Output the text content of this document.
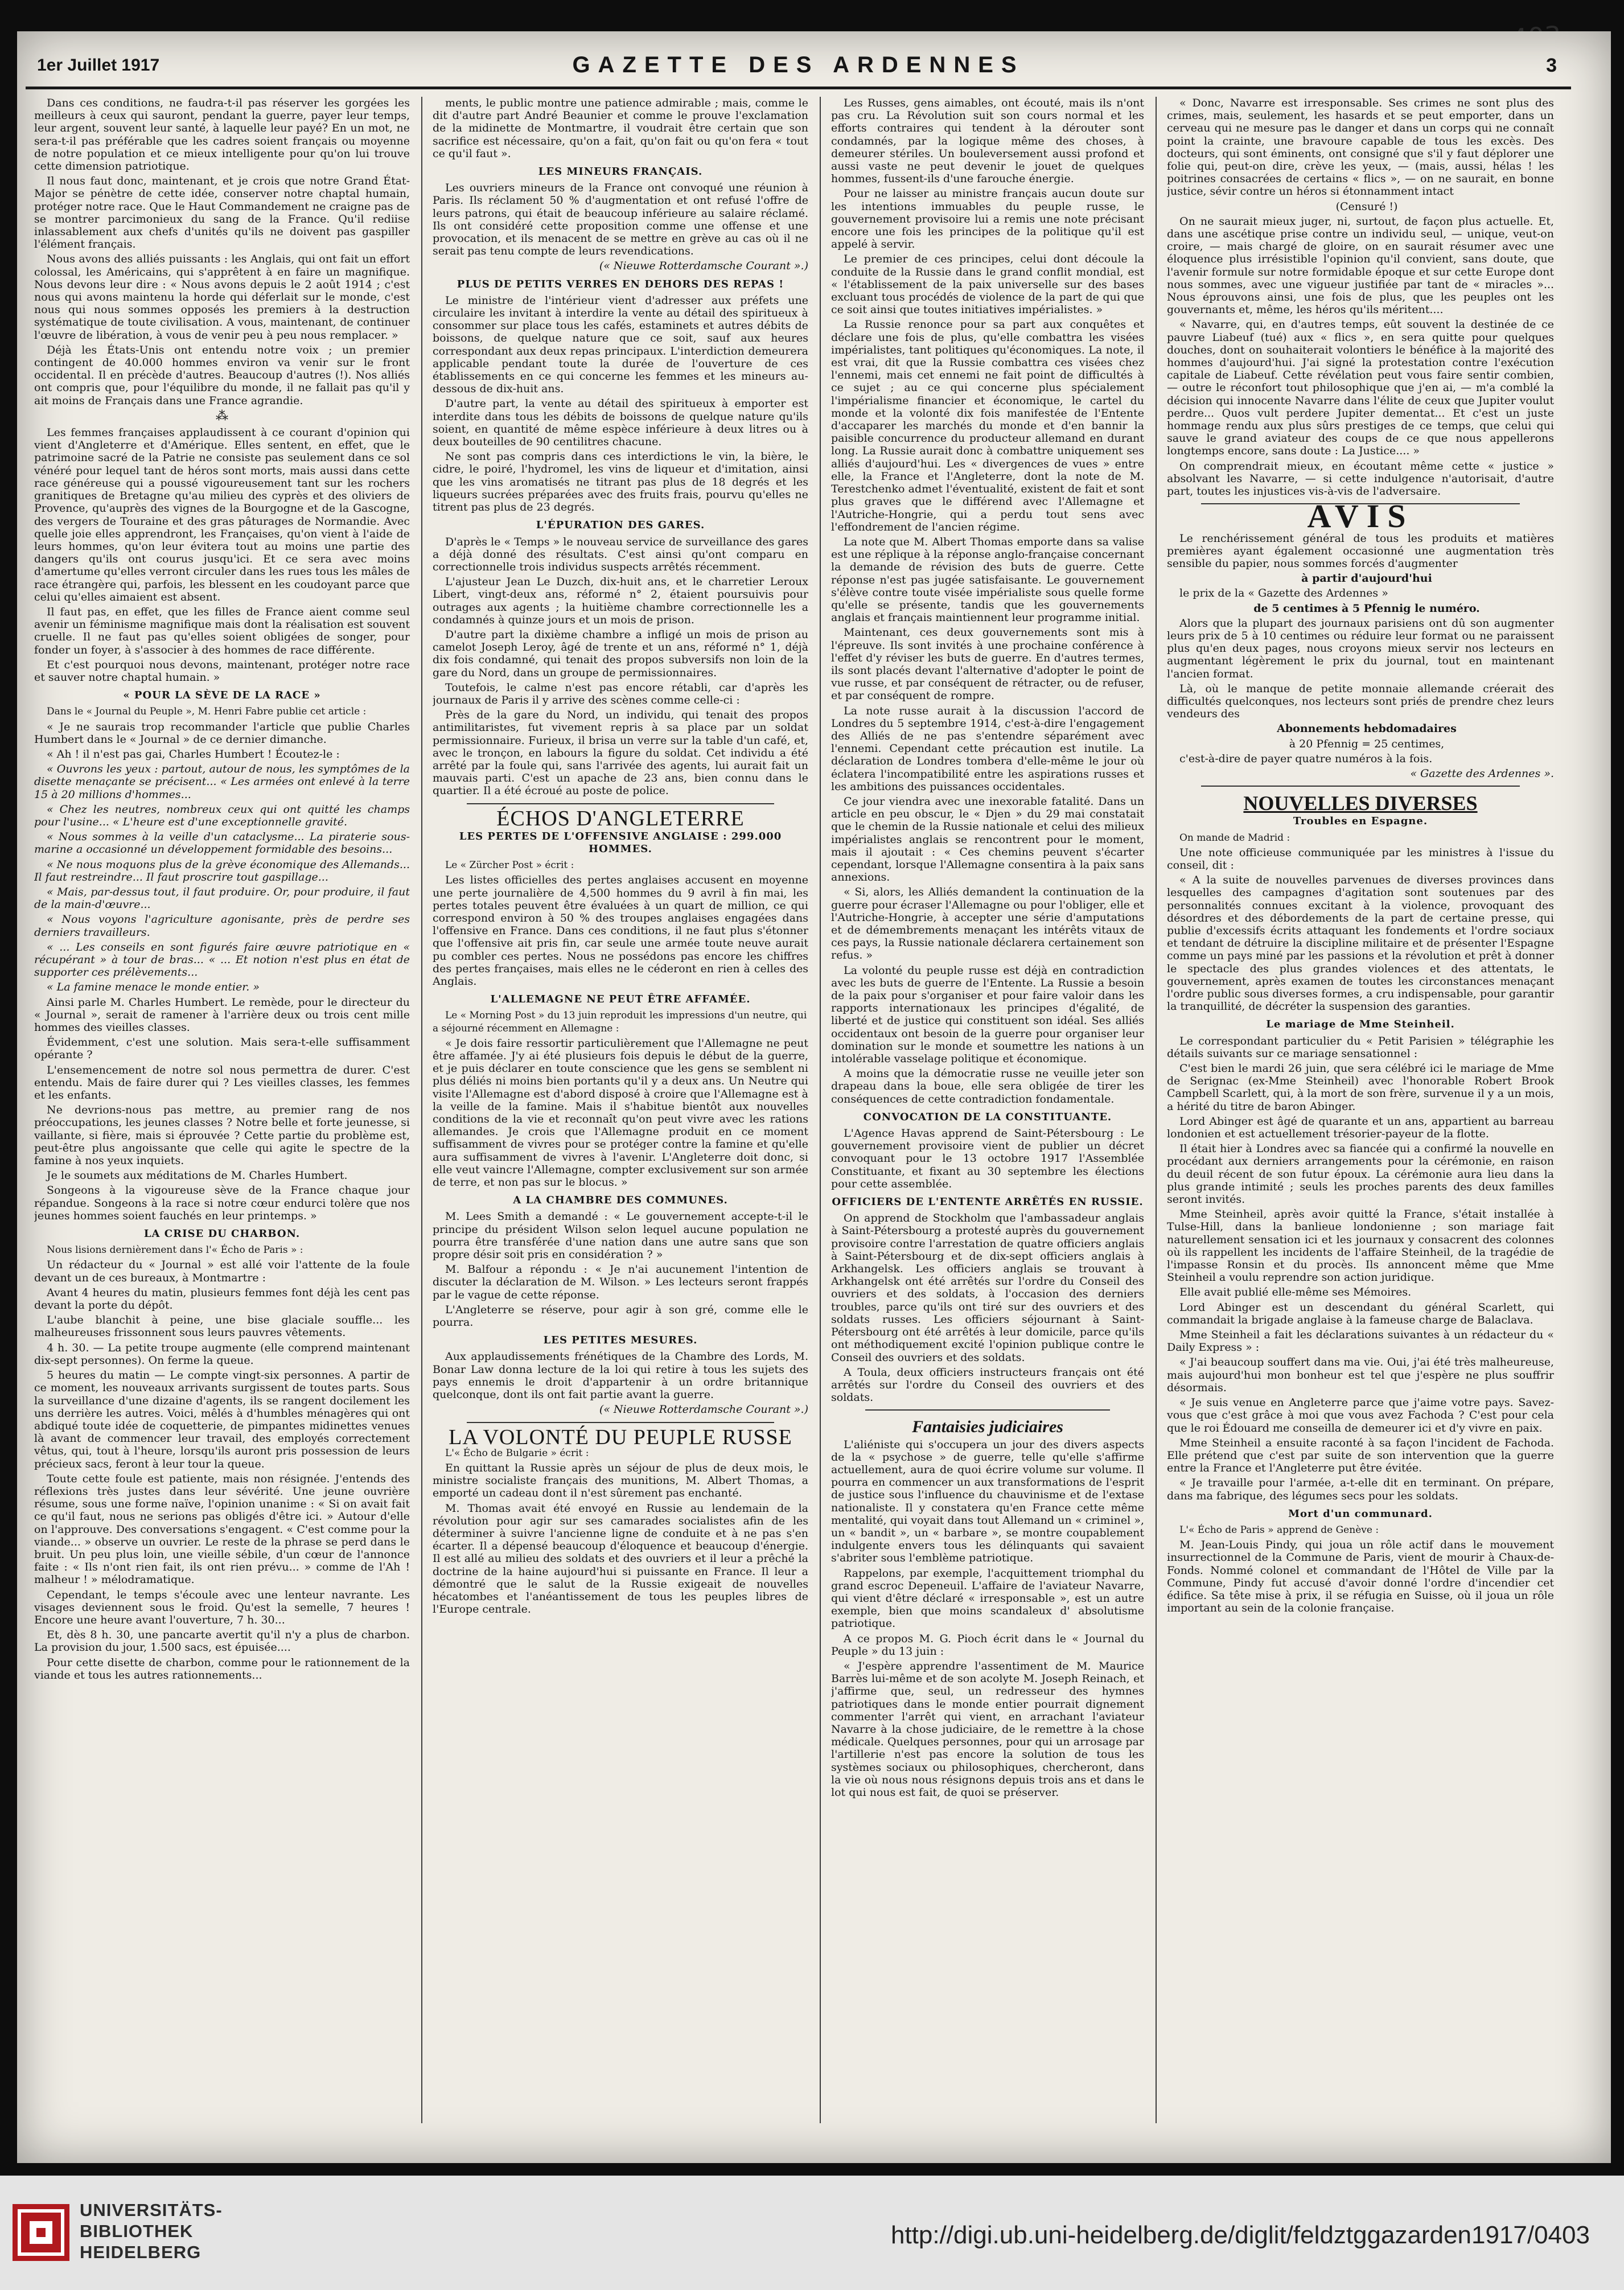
1er Juillet 1917	GAZETTE DES ARDENNES	3

Dans ces conditions, ne faudra-t-il pas réserver les gorgées les meilleurs à ceux qui sauront, pendant la guerre, payer leur temps, leur argent, souvent leur santé, à laquelle leur payé? En un mot, ne sera-t-il pas préférable que les cadres soient français ou moyenne de notre population et ce mieux intelligente pour qu'on lui trouve cette dimension patriotique.

Il nous faut donc, maintenant, et je crois que notre Grand État-Major se pénètre de cette idée, conserver notre chaptal humain, protéger notre race. Que le Haut Commandement ne craigne pas de se montrer parcimonieux du sang de la France. Qu'il rediise inlassablement aux chefs d'unités qu'ils ne doivent pas gaspiller l'élément français.

Nous avons des alliés puissants : les Anglais, qui ont fait un effort colossal, les Américains, qui s'apprêtent à en faire un magnifique. Nous devons leur dire : « Nous avons depuis le 2 août 1914 ; c'est nous qui avons maintenu la horde qui déferlait sur le monde, c'est nous qui nous sommes opposés les premiers à la destruction systématique de toute civilisation. A vous, maintenant, de continuer l'œuvre de libération, à vous de venir peu à peu nous remplacer. »

Déjà les États-Unis ont entendu notre voix ; un premier contingent de 40.000 hommes environ va venir sur le front occidental. Il en précède d'autres. Beaucoup d'autres (!). Nos alliés ont compris que, pour l'équilibre du monde, il ne fallait pas qu'il y ait moins de Français dans une France agrandie.

⁂

Les femmes françaises applaudissent à ce courant d'opinion qui vient d'Angleterre et d'Amérique. Elles sentent, en effet, que le patrimoine sacré de la Patrie ne consiste pas seulement dans ce sol vénéré pour lequel tant de héros sont morts, mais aussi dans cette race généreuse qui a poussé vigoureusement tant sur les rochers granitiques de Bretagne qu'au milieu des cyprès et des oliviers de Provence, qu'auprès des vignes de la Bourgogne et de la Gascogne, des vergers de Touraine et des gras pâturages de Normandie. Avec quelle joie elles apprendront, les Françaises, qu'on vient à l'aide de leurs hommes, qu'on leur évitera tout au moins une partie des dangers qu'ils ont courus jusqu'ici. Et ce sera avec moins d'amertume qu'elles verront circuler dans les rues tous les mâles de race étrangère qui, parfois, les blessent en les coudoyant parce que celui qu'elles aimaient est absent.

Il faut pas, en effet, que les filles de France aient comme seul avenir un féminisme magnifique mais dont la réalisation est souvent cruelle. Il ne faut pas qu'elles soient obligées de songer, pour fonder un foyer, à s'associer à des hommes de race différente.

Et c'est pourquoi nous devons, maintenant, protéger notre race et sauver notre chaptal humain. »

« POUR LA SÈVE DE LA RACE »

Dans le « Journal du Peuple », M. Henri Fabre publie cet article :

« Je ne saurais trop recommander l'article que publie Charles Humbert dans le « Journal » de ce dernier dimanche.

« Ah ! il n'est pas gai, Charles Humbert ! Écoutez-le :

« Ouvrons les yeux : partout, autour de nous, les symptômes de la disette menaçante se précisent... « Les armées ont enlevé à la terre 15 à 20 millions d'hommes...

« Chez les neutres, nombreux ceux qui ont quitté les champs pour l'usine... « L'heure est d'une exceptionnelle gravité.

« Nous sommes à la veille d'un cataclysme... La piraterie sous-marine a occasionné un développement formidable des besoins...

« Ne nous moquons plus de la grève économique des Allemands... Il faut restreindre... Il faut proscrire tout gaspillage...

« Mais, par-dessus tout, il faut produire. Or, pour produire, il faut de la main-d'œuvre...

« Nous voyons l'agriculture agonisante, près de perdre ses derniers travailleurs.

« ... Les conseils en sont figurés faire œuvre patriotique en « récupérant » à tour de bras... « ... Et notion n'est plus en état de supporter ces prélèvements...

« La famine menace le monde entier. »

Ainsi parle M. Charles Humbert. Le remède, pour le directeur du « Journal », serait de ramener à l'arrière deux ou trois cent mille hommes des vieilles classes.

Évidemment, c'est une solution. Mais sera-t-elle suffisamment opérante ?

L'ensemencement de notre sol nous permettra de durer. C'est entendu. Mais de faire durer qui ? Les vieilles classes, les femmes et les enfants.

Ne devrions-nous pas mettre, au premier rang de nos préoccupations, les jeunes classes ? Notre belle et forte jeunesse, si vaillante, si fière, mais si éprouvée ? Cette partie du problème est, peut-être plus angoissante que celle qui agite le spectre de la famine à nos yeux inquiets.

Je le soumets aux méditations de M. Charles Humbert.

Songeons à la vigoureuse sève de la France chaque jour répandue. Songeons à la race si notre cœur endurci tolère que nos jeunes hommes soient fauchés en leur printemps. »

LA CRISE DU CHARBON.

Nous lisions dernièrement dans l'« Écho de Paris » :

Un rédacteur du « Journal » est allé voir l'attente de la foule devant un de ces bureaux, à Montmartre :

Avant 4 heures du matin, plusieurs femmes font déjà les cent pas devant la porte du dépôt.

L'aube blanchit à peine, une bise glaciale souffle... les malheureuses frissonnent sous leurs pauvres vêtements.

4 h. 30. — La petite troupe augmente (elle comprend maintenant dix-sept personnes). On ferme la queue.

5 heures du matin — Le compte vingt-six personnes. A partir de ce moment, les nouveaux arrivants surgissent de toutes parts. Sous la surveillance d'une dizaine d'agents, ils se rangent docilement les uns derrière les autres. Voici, mêlés à d'humbles ménagères qui ont abdiqué toute idée de coquetterie, de pimpantes midinettes venues là avant de commencer leur travail, des employés correctement vêtus, qui, tout à l'heure, lorsqu'ils auront pris possession de leurs précieux sacs, feront à leur tour la queue.

Toute cette foule est patiente, mais non résignée. J'entends des réflexions très justes dans leur sévérité. Une jeune ouvrière résume, sous une forme naïve, l'opinion unanime : « Si on avait fait ce qu'il faut, nous ne serions pas obligés d'être ici. » Autour d'elle on l'approuve. Des conversations s'engagent. « C'est comme pour la viande... » observe un ouvrier. Le reste de la phrase se perd dans le bruit. Un peu plus loin, une vieille sébile, d'un cœur de l'annonce faite : « Ils n'ont rien fait, ils ont rien prévu... » comme de l'Ah ! malheur ! » mélodramatique.

Cependant, le temps s'écoule avec une lenteur navrante. Les visages deviennent sous le froid. Qu'est la semelle, 7 heures ! Encore une heure avant l'ouverture, 7 h. 30...

Et, dès 8 h. 30, une pancarte avertit qu'il n'y a plus de charbon. La provision du jour, 1.500 sacs, est épuisée....

Pour cette disette de charbon, comme pour le rationnement de la viande et tous les autres rationnements...

ments, le public montre une patience admirable ; mais, comme le dit d'autre part André Beaunier et comme le prouve l'exclamation de la midinette de Montmartre, il voudrait être certain que son sacrifice est nécessaire, qu'on a fait, qu'on fait ou qu'on fera « tout ce qu'il faut ».

LES MINEURS FRANÇAIS.

Les ouvriers mineurs de la France ont convoqué une réunion à Paris. Ils réclament 50 % d'augmentation et ont refusé l'offre de leurs patrons, qui était de beaucoup inférieure au salaire réclamé. Ils ont considéré cette proposition comme une offense et une provocation, et ils menacent de se mettre en grève au cas où il ne serait pas tenu compte de leurs revendications.

(« Nieuwe Rotterdamsche Courant ».)

PLUS DE PETITS VERRES EN DEHORS DES REPAS !

Le ministre de l'intérieur vient d'adresser aux préfets une circulaire les invitant à interdire la vente au détail des spiritueux à consommer sur place tous les cafés, estaminets et autres débits de boissons, de quelque nature que ce soit, sauf aux heures correspondant aux deux repas principaux. L'interdiction demeurera applicable pendant toute la durée de l'ouverture de ces établissements en ce qui concerne les femmes et les mineurs au-dessous de dix-huit ans.

D'autre part, la vente au détail des spiritueux à emporter est interdite dans tous les débits de boissons de quelque nature qu'ils soient, en quantité de même espèce inférieure à deux litres ou à deux bouteilles de 90 centilitres chacune.

Ne sont pas compris dans ces interdictions le vin, la bière, le cidre, le poiré, l'hydromel, les vins de liqueur et d'imitation, ainsi que les vins aromatisés ne titrant pas plus de 18 degrés et les liqueurs sucrées préparées avec des fruits frais, pourvu qu'elles ne titrent pas plus de 23 degrés.

L'ÉPURATION DES GARES.

D'après le « Temps » le nouveau service de surveillance des gares a déjà donné des résultats. C'est ainsi qu'ont comparu en correctionnelle trois individus suspects arrêtés récemment.

L'ajusteur Jean Le Duzch, dix-huit ans, et le charretier Leroux Libert, vingt-deux ans, réformé n° 2, étaient poursuivis pour outrages aux agents ; la huitième chambre correctionnelle les a condamnés à quinze jours et un mois de prison.

D'autre part la dixième chambre a infligé un mois de prison au camelot Joseph Leroy, âgé de trente et un ans, réformé n° 1, déjà dix fois condamné, qui tenait des propos subversifs non loin de la gare du Nord, dans un groupe de permissionnaires.

Toutefois, le calme n'est pas encore rétabli, car d'après les journaux de Paris il y arrive des scènes comme celle-ci :

Près de la gare du Nord, un individu, qui tenait des propos antimilitaristes, fut vivement repris à sa place par un soldat permissionnaire. Furieux, il brisa un verre sur la table d'un café, et, avec le tronçon, en labours la figure du soldat. Cet individu a été arrêté par la foule qui, sans l'arrivée des agents, lui aurait fait un mauvais parti. C'est un apache de 23 ans, bien connu dans le quartier. Il a été écroué au poste de police.

ÉCHOS D'ANGLETERRE
LES PERTES DE L'OFFENSIVE ANGLAISE : 299.000 HOMMES.

Le « Zürcher Post » écrit :

Les listes officielles des pertes anglaises accusent en moyenne une perte journalière de 4,500 hommes du 9 avril à fin mai, les pertes totales peuvent être évaluées à un quart de million, ce qui correspond environ à 50 % des troupes anglaises engagées dans l'offensive en France. Dans ces conditions, il ne faut plus s'étonner que l'offensive ait pris fin, car seule une armée toute neuve aurait pu combler ces pertes. Nous ne possédons pas encore les chiffres des pertes françaises, mais elles ne le céderont en rien à celles des Anglais.

L'ALLEMAGNE NE PEUT ÊTRE AFFAMÉE.

Le « Morning Post » du 13 juin reproduit les impressions d'un neutre, qui a séjourné récemment en Allemagne :

« Je dois faire ressortir particulièrement que l'Allemagne ne peut être affamée. J'y ai été plusieurs fois depuis le début de la guerre, et je puis déclarer en toute conscience que les gens se semblent ni plus déliés ni moins bien portants qu'il y a deux ans. Un Neutre qui visite l'Allemagne est d'abord disposé à croire que l'Allemagne est à la veille de la famine. Mais il s'habitue bientôt aux nouvelles conditions de la vie et reconnaît qu'on peut vivre avec les rations allemandes. Je crois que l'Allemagne produit en ce moment suffisamment de vivres pour se protéger contre la famine et qu'elle aura suffisamment de vivres à l'avenir. L'Angleterre doit donc, si elle veut vaincre l'Allemagne, compter exclusivement sur son armée de terre, et non pas sur le blocus. »

A LA CHAMBRE DES COMMUNES.

M. Lees Smith a demandé : « Le gouvernement accepte-t-il le principe du président Wilson selon lequel aucune population ne pourra être transférée d'une nation dans une autre sans que son propre désir soit pris en considération ? »

M. Balfour a répondu : « Je n'ai aucunement l'intention de discuter la déclaration de M. Wilson. » Les lecteurs seront frappés par le vague de cette réponse.

L'Angleterre se réserve, pour agir à son gré, comme elle le pourra.

LES PETITES MESURES.

Aux applaudissements frénétiques de la Chambre des Lords, M. Bonar Law donna lecture de la loi qui retire à tous les sujets des pays ennemis le droit d'appartenir à un ordre britannique quelconque, dont ils ont fait partie avant la guerre.

(« Nieuwe Rotterdamsche Courant ».)

LA VOLONTÉ DU PEUPLE RUSSE

L'« Écho de Bulgarie » écrit :

En quittant la Russie après un séjour de plus de deux mois, le ministre socialiste français des munitions, M. Albert Thomas, a emporté un cadeau dont il n'est sûrement pas enchanté.

M. Thomas avait été envoyé en Russie au lendemain de la révolution pour agir sur ses camarades socialistes afin de les déterminer à suivre l'ancienne ligne de conduite et à ne pas s'en écarter. Il a dépensé beaucoup d'éloquence et beaucoup d'énergie. Il est allé au milieu des soldats et des ouvriers et il leur a prêché la doctrine de la haine aujourd'hui si puissante en France. Il leur a démontré que le salut de la Russie exigeait de nouvelles hécatombes et l'anéantissement de tous les peuples libres de l'Europe centrale.

Les Russes, gens aimables, ont écouté, mais ils n'ont pas cru. La Révolution suit son cours normal et les efforts contraires qui tendent à la dérouter sont condamnés, par la logique même des choses, à demeurer stériles. Un bouleversement aussi profond et aussi vaste ne peut devenir le jouet de quelques hommes, fussent-ils d'une farouche énergie.

Pour ne laisser au ministre français aucun doute sur les intentions immuables du peuple russe, le gouvernement provisoire lui a remis une note précisant encore une fois les principes de la politique qu'il est appelé à servir.

Le premier de ces principes, celui dont découle la conduite de la Russie dans le grand conflit mondial, est « l'établissement de la paix universelle sur des bases excluant tous procédés de violence de la part de qui que ce soit ainsi que toutes initiatives impérialistes. »

La Russie renonce pour sa part aux conquêtes et déclare une fois de plus, qu'elle combattra les visées impérialistes, tant politiques qu'économiques. La note, il est vrai, dit que la Russie combattra ces visées chez l'ennemi, mais cet ennemi ne fait point de difficultés à ce sujet ; au ce qui concerne plus spécialement l'impérialisme financier et économique, le cartel du monde et la volonté dix fois manifestée de l'Entente d'accaparer les marchés du monde et d'en bannir la paisible concurrence du producteur allemand en durant long. La Russie aurait donc à combattre uniquement ses alliés d'aujourd'hui. Les « divergences de vues » entre elle, la France et l'Angleterre, dont la note de M. Terestchenko admet l'éventualité, existent de fait et sont plus graves que le différend avec l'Allemagne et l'Autriche-Hongrie, qui a perdu tout sens avec l'effondrement de l'ancien régime.

La note que M. Albert Thomas emporte dans sa valise est une réplique à la réponse anglo-française concernant la demande de révision des buts de guerre. Cette réponse n'est pas jugée satisfaisante. Le gouvernement s'élève contre toute visée impérialiste sous quelle forme qu'elle se présente, tandis que les gouvernements anglais et français maintiennent leur programme initial.

Maintenant, ces deux gouvernements sont mis à l'épreuve. Ils sont invités à une prochaine conférence à l'effet d'y réviser les buts de guerre. En d'autres termes, ils sont placés devant l'alternative d'adopter le point de vue russe, et par conséquent de rétracter, ou de refuser, et par conséquent de rompre.

La note russe aurait à la discussion l'accord de Londres du 5 septembre 1914, c'est-à-dire l'engagement des Alliés de ne pas s'entendre séparément avec l'ennemi. Cependant cette précaution est inutile. La déclaration de Londres tombera d'elle-même le jour où éclatera l'incompatibilité entre les aspirations russes et les ambitions des puissances occidentales.

Ce jour viendra avec une inexorable fatalité. Dans un article en peu obscur, le « Djen » du 29 mai constatait que le chemin de la Russie nationale et celui des milieux impérialistes anglais se rencontrent pour le moment, mais il ajoutait : « Ces chemins peuvent s'écarter cependant, lorsque l'Allemagne consentira à la paix sans annexions.

« Si, alors, les Alliés demandent la continuation de la guerre pour écraser l'Allemagne ou pour l'obliger, elle et l'Autriche-Hongrie, à accepter une série d'amputations et de démembrements menaçant les intérêts vitaux de ces pays, la Russie nationale déclarera certainement son refus. »

La volonté du peuple russe est déjà en contradiction avec les buts de guerre de l'Entente. La Russie a besoin de la paix pour s'organiser et pour faire valoir dans les rapports internationaux les principes d'égalité, de liberté et de justice qui constituent son idéal. Ses alliés occidentaux ont besoin de la guerre pour organiser leur domination sur le monde et soumettre les nations à un intolérable vasselage politique et économique.

A moins que la démocratie russe ne veuille jeter son drapeau dans la boue, elle sera obligée de tirer les conséquences de cette contradiction fondamentale.

CONVOCATION DE LA CONSTITUANTE.

L'Agence Havas apprend de Saint-Pétersbourg : Le gouvernement provisoire vient de publier un décret convoquant pour le 13 octobre 1917 l'Assemblée Constituante, et fixant au 30 septembre les élections pour cette assemblée.

OFFICIERS DE L'ENTENTE ARRÊTÉS EN RUSSIE.

On apprend de Stockholm que l'ambassadeur anglais à Saint-Pétersbourg a protesté auprès du gouvernement provisoire contre l'arrestation de quatre officiers anglais à Saint-Pétersbourg et de dix-sept officiers anglais à Arkhangelsk. Les officiers anglais se trouvant à Arkhangelsk ont été arrêtés sur l'ordre du Conseil des ouvriers et des soldats, à l'occasion des derniers troubles, parce qu'ils ont tiré sur des ouvriers et des soldats russes. Les officiers séjournant à Saint-Pétersbourg ont été arrêtés à leur domicile, parce qu'ils ont méthodiquement excité l'opinion publique contre le Conseil des ouvriers et des soldats.

A Toula, deux officiers instructeurs français ont été arrêtés sur l'ordre du Conseil des ouvriers et des soldats.

Fantaisies judiciaires

L'aliéniste qui s'occupera un jour des divers aspects de la « psychose » de guerre, telle qu'elle s'affirme actuellement, aura de quoi écrire volume sur volume. Il pourra en commencer un aux transformations de l'esprit de justice sous l'influence du chauvinisme et de l'extase nationaliste. Il y constatera qu'en France cette même mentalité, qui voyait dans tout Allemand un « criminel », un « bandit », un « barbare », se montre coupablement indulgente envers tous les délinquants qui savaient s'abriter sous l'emblème patriotique.

Rappelons, par exemple, l'acquittement triomphal du grand escroc Depeneuil. L'affaire de l'aviateur Navarre, qui vient d'être déclaré « irresponsable », est un autre exemple, bien que moins scandaleux d' absolutisme patriotique.

A ce propos M. G. Pioch écrit dans le « Journal du Peuple » du 13 juin :

« J'espère apprendre l'assentiment de M. Maurice Barrès lui-même et de son acolyte M. Joseph Reinach, et j'affirme que, seul, un redresseur des hymnes patriotiques dans le monde entier pourrait dignement commenter l'arrêt qui vient, en arrachant l'aviateur Navarre à la chose judiciaire, de le remettre à la chose médicale. Quelques personnes, pour qui un arrosage par l'artillerie n'est pas encore la solution de tous les systèmes sociaux ou philosophiques, chercheront, dans la vie où nous nous résignons depuis trois ans et dans le lot qui nous est fait, de quoi se préserver.

« Donc, Navarre est irresponsable. Ses crimes ne sont plus des crimes, mais, seulement, les hasards et se peut emporter, dans un cerveau qui ne mesure pas le danger et dans un corps qui ne connaît point la crainte, une bravoure capable de tous les excès. Des docteurs, qui sont éminents, ont consigné que s'il y faut déplorer une folie qui, peut-on dire, crève les yeux, — (mais, aussi, hélas ! les poitrines consacrées de certains « flics », — on ne saurait, en bonne justice, sévir contre un héros si étonnamment intact

(Censuré !)

On ne saurait mieux juger, ni, surtout, de façon plus actuelle. Et, dans une ascétique prise contre un individu seul, — unique, veut-on croire, — mais chargé de gloire, on en saurait résumer avec une éloquence plus irrésistible l'opinion qu'il convient, sans doute, que l'avenir formule sur notre formidable époque et sur cette Europe dont nous sommes, avec une vigueur justifiée par tant de « miracles »... Nous éprouvons ainsi, une fois de plus, que les peuples ont les gouvernants et, même, les héros qu'ils méritent....

« Navarre, qui, en d'autres temps, eût souvent la destinée de ce pauvre Liabeuf (tué) aux « flics », en sera quitte pour quelques douches, dont on souhaiterait volontiers le bénéfice à la majorité des hommes d'aujourd'hui. J'ai signé la protestation contre l'exécution capitale de Liabeuf. Cette révélation peut vous faire sentir combien, — outre le réconfort tout philosophique que j'en ai, — m'a comblé la décision qui innocente Navarre dans l'élite de ceux que Jupiter voulut perdre... Quos vult perdere Jupiter dementat... Et c'est un juste hommage rendu aux plus sûrs prestiges de ce temps, que celui qui sauve le grand aviateur des coups de ce que nous appellerons longtemps encore, sans doute : La Justice.... »

On comprendrait mieux, en écoutant même cette « justice » absolvant les Navarre, — si cette indulgence n'autorisait, d'autre part, toutes les injustices vis-à-vis de l'adversaire.

AVIS

Le renchérissement général de tous les produits et matières premières ayant également occasionné une augmentation très sensible du papier, nous sommes forcés d'augmenter

à partir d'aujourd'hui

le prix de la « Gazette des Ardennes »

de 5 centimes à 5 Pfennig le numéro.

Alors que la plupart des journaux parisiens ont dû son augmenter leurs prix de 5 à 10 centimes ou réduire leur format ou ne paraissent plus qu'en deux pages, nous croyons mieux servir nos lecteurs en augmentant légèrement le prix du journal, tout en maintenant l'ancien format.

Là, où le manque de petite monnaie allemande créerait des difficultés quelconques, nos lecteurs sont priés de prendre chez leurs vendeurs des

Abonnements hebdomadaires

à 20 Pfennig = 25 centimes,

c'est-à-dire de payer quatre numéros à la fois.

« Gazette des Ardennes ».

NOUVELLES DIVERSES
Troubles en Espagne.

On mande de Madrid :

Une note officieuse communiquée par les ministres à l'issue du conseil, dit :

« A la suite de nouvelles parvenues de diverses provinces dans lesquelles des campagnes d'agitation sont soutenues par des personnalités connues excitant à la violence, provoquant des désordres et des débordements de la part de certaine presse, qui publie d'excessifs écrits attaquant les fondements et l'ordre sociaux et tendant de détruire la discipline militaire et de présenter l'Espagne comme un pays miné par les passions et la révolution et prêt à donner le spectacle des plus grandes violences et des attentats, le gouvernement, après examen de toutes les circonstances menaçant l'ordre public sous diverses formes, a cru indispensable, pour garantir la tranquillité, de décréter la suspension des garanties.

Le mariage de Mme Steinheil.

Le correspondant particulier du « Petit Parisien » télégraphie les détails suivants sur ce mariage sensationnel :

C'est bien le mardi 26 juin, que sera célébré ici le mariage de Mme de Serignac (ex-Mme Steinheil) avec l'honorable Robert Brook Campbell Scarlett, qui, à la mort de son frère, survenue il y a un mois, a hérité du titre de baron Abinger.

Lord Abinger est âgé de quarante et un ans, appartient au barreau londonien et est actuellement trésorier-payeur de la flotte.

Il était hier à Londres avec sa fiancée qui a confirmé la nouvelle en procédant aux derniers arrangements pour la cérémonie, en raison du deuil récent de son futur époux. La cérémonie aura lieu dans la plus grande intimité ; seuls les proches parents des deux familles seront invités.

Mme Steinheil, après avoir quitté la France, s'était installée à Tulse-Hill, dans la banlieue londonienne ; son mariage fait naturellement sensation ici et les journaux y consacrent des colonnes où ils rappellent les incidents de l'affaire Steinheil, de la tragédie de l'impasse Ronsin et du procès. Ils annoncent même que Mme Steinheil a voulu reprendre son action juridique.

Elle avait publié elle-même ses Mémoires.

Lord Abinger est un descendant du général Scarlett, qui commandait la brigade anglaise à la fameuse charge de Balaclava.

Mme Steinheil a fait les déclarations suivantes à un rédacteur du « Daily Express » :

« J'ai beaucoup souffert dans ma vie. Oui, j'ai été très malheureuse, mais aujourd'hui mon bonheur est tel que j'espère ne plus souffrir désormais.

« Je suis venue en Angleterre parce que j'aime votre pays. Savez-vous que c'est grâce à moi que vous avez Fachoda ? C'est pour cela que le roi Édouard me conseilla de demeurer ici et d'y vivre en paix.

Mme Steinheil a ensuite raconté à sa façon l'incident de Fachoda. Elle prétend que c'est par suite de son intervention que la guerre entre la France et l'Angleterre put être évitée.

« Je travaille pour l'armée, a-t-elle dit en terminant. On prépare, dans ma fabrique, des légumes secs pour les soldats.

Mort d'un communard.

L'« Écho de Paris » apprend de Genève :

M. Jean-Louis Pindy, qui joua un rôle actif dans le mouvement insurrectionnel de la Commune de Paris, vient de mourir à Chaux-de-Fonds. Nommé colonel et commandant de l'Hôtel de Ville par la Commune, Pindy fut accusé d'avoir donné l'ordre d'incendier cet édifice. Sa tête mise à prix, il se réfugia en Suisse, où il joua un rôle important au sein de la colonie française.

UNIVERSITÄTS-
BIBLIOTHEK
HEIDELBERG
http://digi.ub.uni-heidelberg.de/diglit/feldztggazarden1917/0403
